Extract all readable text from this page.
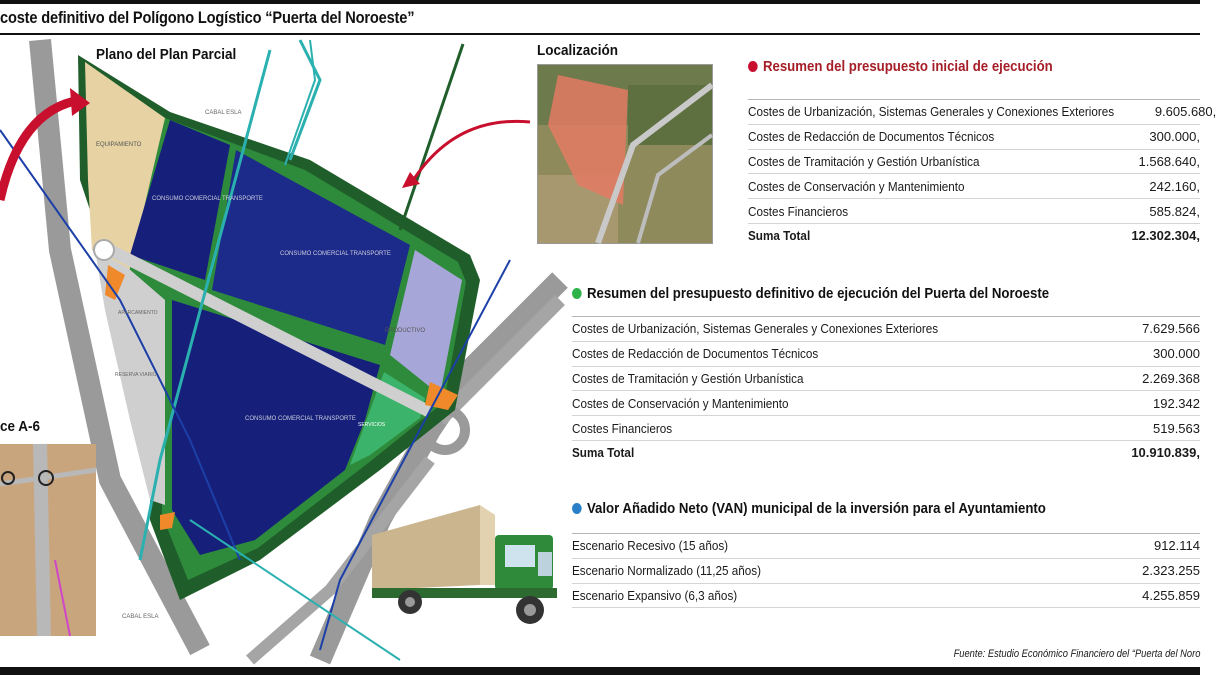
coste definitivo del Polígono Logístico “Puerta del Noroeste”
EQUIPAMIENTO
CONSUMO COMERCIAL TRANSPORTE
CONSUMO COMERCIAL TRANSPORTE
CONSUMO COMERCIAL TRANSPORTE
PRODUCTIVO
APARCAMIENTO
RESERVA VIARIO
SERVICIOS
CABAL ESLA
CABAL ESLA
Plano del Plan Parcial
ce A-6
Localización
Resumen del presupuesto inicial de ejecución
Costes de Urbanización, Sistemas Generales y Conexiones Exteriores	9.605.680,
Costes de Redacción de Documentos Técnicos	300.000,
Costes de Tramitación y Gestión Urbanística	1.568.640,
Costes de Conservación y Mantenimiento	242.160,
Costes Financieros	585.824,
Suma Total	12.302.304,
Resumen del presupuesto definitivo de ejecución del Puerta del Noroeste
Costes de Urbanización, Sistemas Generales y Conexiones Exteriores	7.629.566
Costes de Redacción de Documentos Técnicos	300.000
Costes de Tramitación y Gestión Urbanística	2.269.368
Costes de Conservación y Mantenimiento	192.342
Costes Financieros	519.563
Suma Total	10.910.839,
Valor Añadido Neto (VAN) municipal de la inversión para el Ayuntamiento
Escenario Recesivo (15 años)	912.114
Escenario Normalizado (11,25 años)	2.323.255
Escenario Expansivo (6,3 años)	4.255.859
Fuente: Estudio Económico Financiero del “Puerta del Noro
